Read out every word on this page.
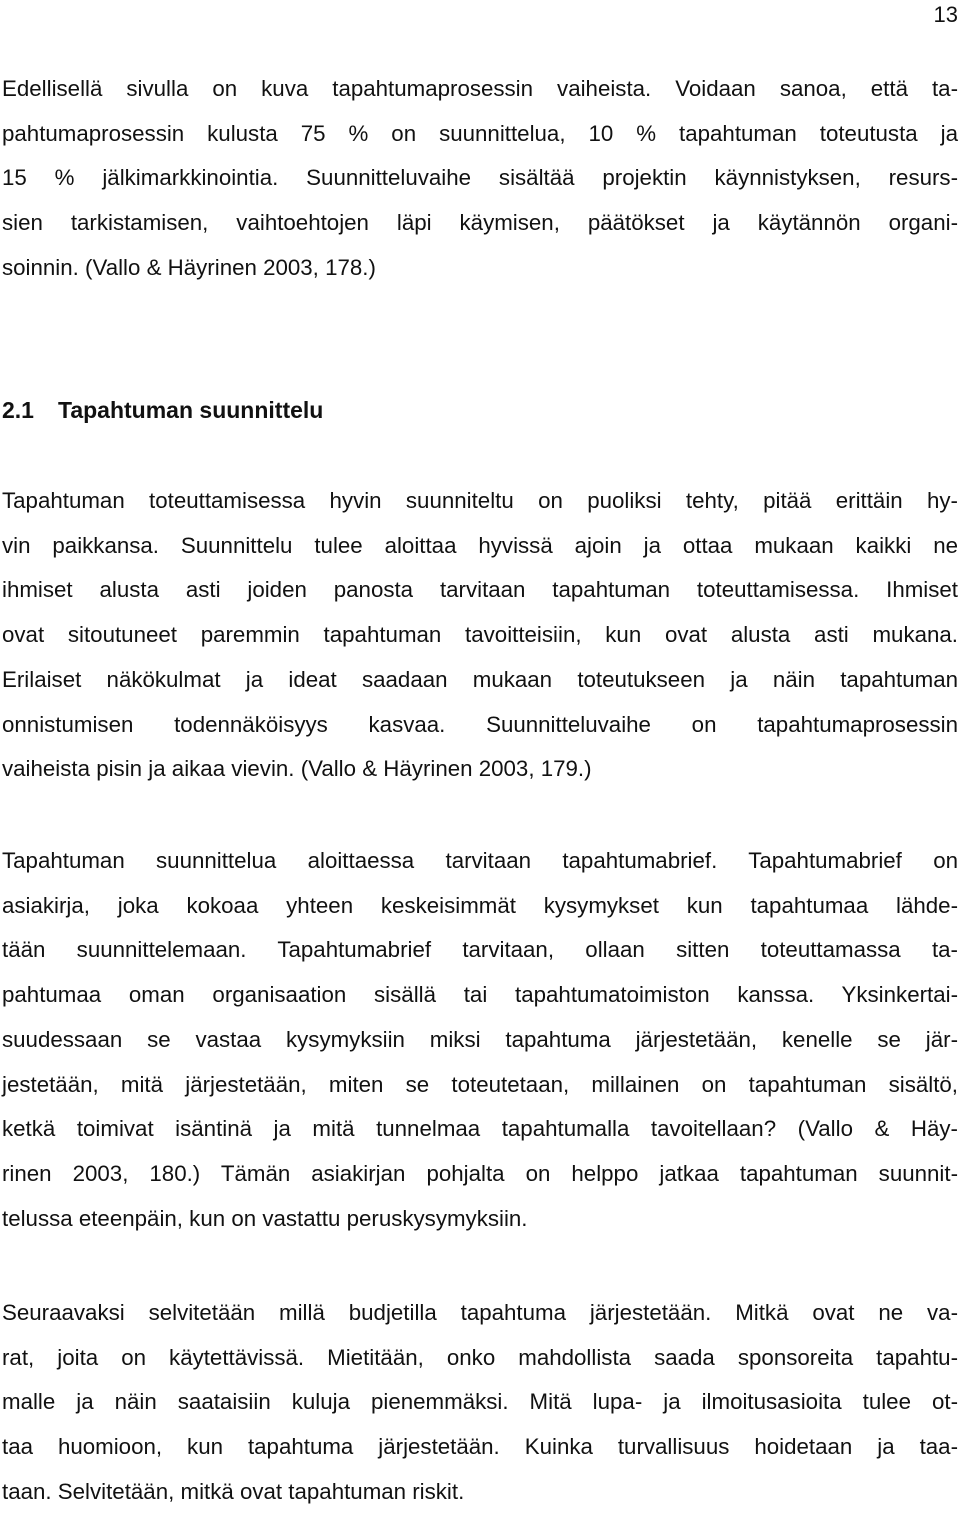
13

Edellisellä sivulla on kuva tapahtumaprosessin vaiheista. Voidaan sanoa, että ta-
pahtumaprosessin kulusta 75 % on suunnittelua, 10 % tapahtuman toteutusta ja
15 % jälkimarkkinointia. Suunnitteluvaihe sisältää projektin käynnistyksen, resurs-
sien tarkistamisen, vaihtoehtojen läpi käymisen, päätökset ja käytännön organi-
soinnin. (Vallo & Häyrinen 2003, 178.)

2.1 Tapahtuman suunnittelu

Tapahtuman toteuttamisessa hyvin suunniteltu on puoliksi tehty, pitää erittäin hy-
vin paikkansa. Suunnittelu tulee aloittaa hyvissä ajoin ja ottaa mukaan kaikki ne
ihmiset alusta asti joiden panosta tarvitaan tapahtuman toteuttamisessa. Ihmiset
ovat sitoutuneet paremmin tapahtuman tavoitteisiin, kun ovat alusta asti mukana.
Erilaiset näkökulmat ja ideat saadaan mukaan toteutukseen ja näin tapahtuman
onnistumisen todennäköisyys kasvaa. Suunnitteluvaihe on tapahtumaprosessin
vaiheista pisin ja aikaa vievin. (Vallo & Häyrinen 2003, 179.)

Tapahtuman suunnittelua aloittaessa tarvitaan tapahtumabrief. Tapahtumabrief on
asiakirja, joka kokoaa yhteen keskeisimmät kysymykset kun tapahtumaa lähde-
tään suunnittelemaan. Tapahtumabrief tarvitaan, ollaan sitten toteuttamassa ta-
pahtumaa oman organisaation sisällä tai tapahtumatoimiston kanssa. Yksinkertai-
suudessaan se vastaa kysymyksiin miksi tapahtuma järjestetään, kenelle se jär-
jestetään, mitä järjestetään, miten se toteutetaan, millainen on tapahtuman sisältö,
ketkä toimivat isäntinä ja mitä tunnelmaa tapahtumalla tavoitellaan? (Vallo & Häy-
rinen 2003, 180.) Tämän asiakirjan pohjalta on helppo jatkaa tapahtuman suunnit-
telussa eteenpäin, kun on vastattu peruskysymyksiin.

Seuraavaksi selvitetään millä budjetilla tapahtuma järjestetään. Mitkä ovat ne va-
rat, joita on käytettävissä. Mietitään, onko mahdollista saada sponsoreita tapahtu-
malle ja näin saataisiin kuluja pienemmäksi. Mitä lupa- ja ilmoitusasioita tulee ot-
taa huomioon, kun tapahtuma järjestetään. Kuinka turvallisuus hoidetaan ja taa-
taan. Selvitetään, mitkä ovat tapahtuman riskit.
